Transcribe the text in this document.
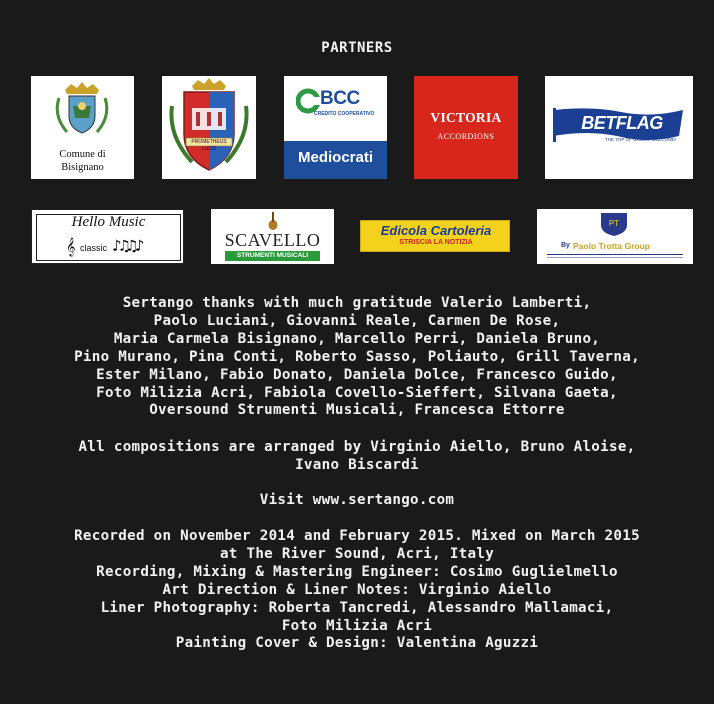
PARTNERS
Comune di
Bisignano
PROMETHEUS LUZIS
BCC
CREDITO COOPERATIVO
Mediocrati
VICTORIA
ACCORDIONS
BETFLAG
THE TOP OF GAMES. WELCOME!
Hello Music
𝄞 classic ♪♫♫♪	SCAVELLO
STRUMENTI MUSICALI
Edicola Cartoleria
STRISCIA LA NOTIZIA
PT
By Paolo Trotta Group
Sertango thanks with much gratitude Valerio Lamberti,
Paolo Luciani, Giovanni Reale, Carmen De Rose,
Maria Carmela Bisignano, Marcello Perri, Daniela Bruno,
Pino Murano, Pina Conti, Roberto Sasso, Poliauto, Grill Taverna,
Ester Milano, Fabio Donato, Daniela Dolce, Francesco Guido,
Foto Milizia Acri, Fabiola Covello-Sieffert, Silvana Gaeta,
Oversound Strumenti Musicali, Francesca Ettorre
All compositions are arranged by Virginio Aiello, Bruno Aloise,
Ivano Biscardi
Visit www.sertango.com
Recorded on November 2014 and February 2015. Mixed on March 2015
at The River Sound, Acri, Italy
Recording, Mixing & Mastering Engineer: Cosimo Guglielmello
Art Direction & Liner Notes: Virginio Aiello
Liner Photography: Roberta Tancredi, Alessandro Mallamaci,
Foto Milizia Acri
Painting Cover & Design: Valentina Aguzzi
